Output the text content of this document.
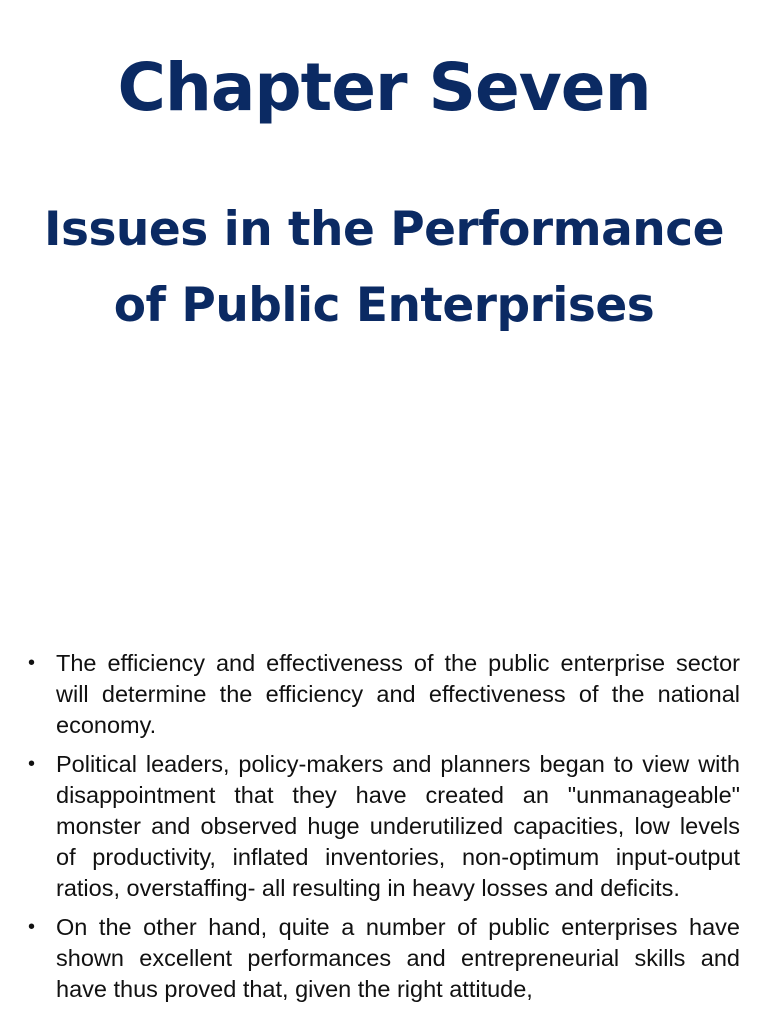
Chapter Seven
Issues in the Performance
of Public Enterprises
• The efficiency and effectiveness of the public enterprise sector will determine the efficiency and effectiveness of the national economy.
• Political leaders, policy-makers and planners began to view with disappointment that they have created an "unmanageable" monster and observed huge underutilized capacities, low levels of productivity, inflated inventories, non-optimum input-output ratios, overstaffing- all resulting in heavy losses and deficits.
• On the other hand, quite a number of public enterprises have shown excellent performances and entrepreneurial skills and have thus proved that, given the right attitude,
